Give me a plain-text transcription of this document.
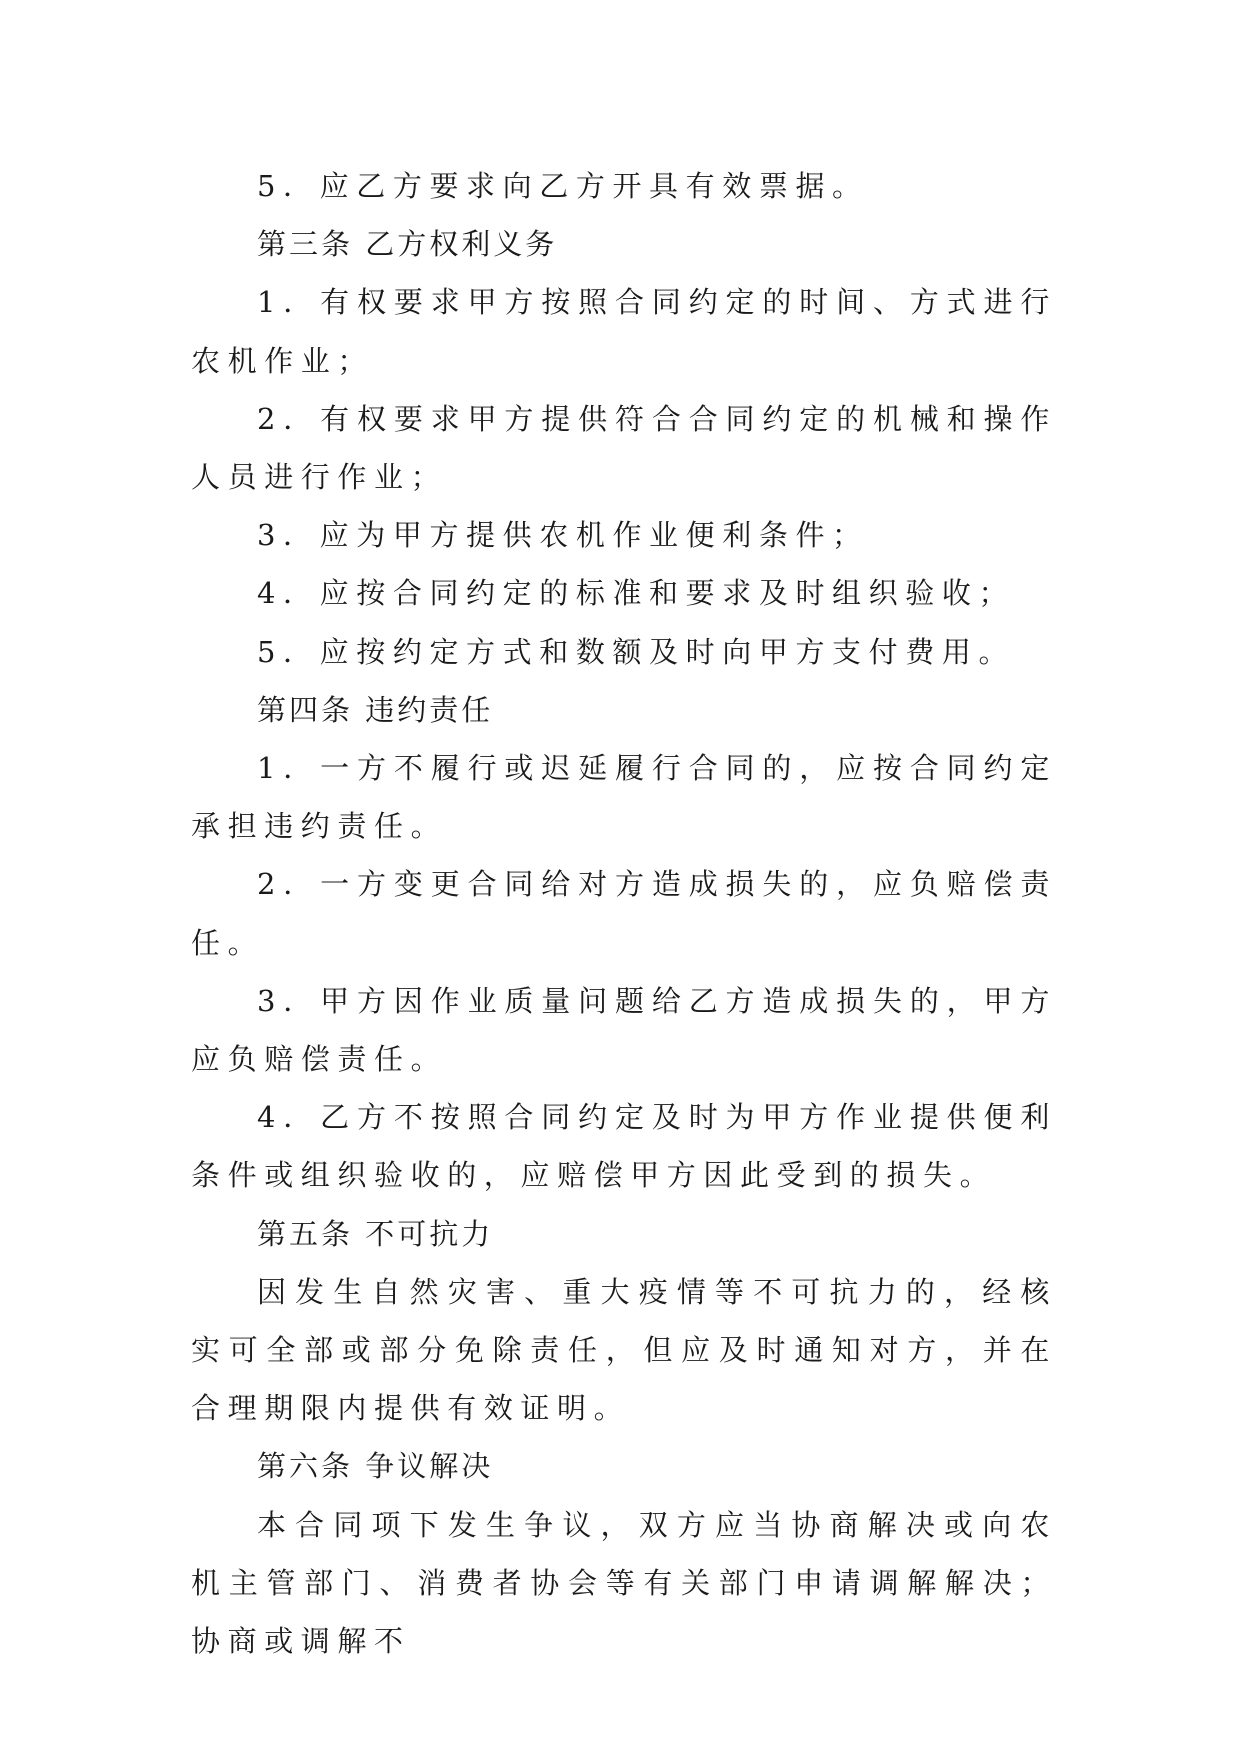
5．应乙方要求向乙方开具有效票据。

第三条 乙方权利义务

1．有权要求甲方按照合同约定的时间、方式进行农机作业；

2．有权要求甲方提供符合合同约定的机械和操作人员进行作业；

3．应为甲方提供农机作业便利条件；

4．应按合同约定的标准和要求及时组织验收；

5．应按约定方式和数额及时向甲方支付费用。

第四条 违约责任

1．一方不履行或迟延履行合同的，应按合同约定承担违约责任。

2．一方变更合同给对方造成损失的，应负赔偿责任。

3．甲方因作业质量问题给乙方造成损失的，甲方应负赔偿责任。

4．乙方不按照合同约定及时为甲方作业提供便利条件或组织验收的，应赔偿甲方因此受到的损失。

第五条 不可抗力

因发生自然灾害、重大疫情等不可抗力的，经核实可全部或部分免除责任，但应及时通知对方，并在合理期限内提供有效证明。

第六条 争议解决

本合同项下发生争议，双方应当协商解决或向农机主管部门、消费者协会等有关部门申请调解解决；协商或调解不
